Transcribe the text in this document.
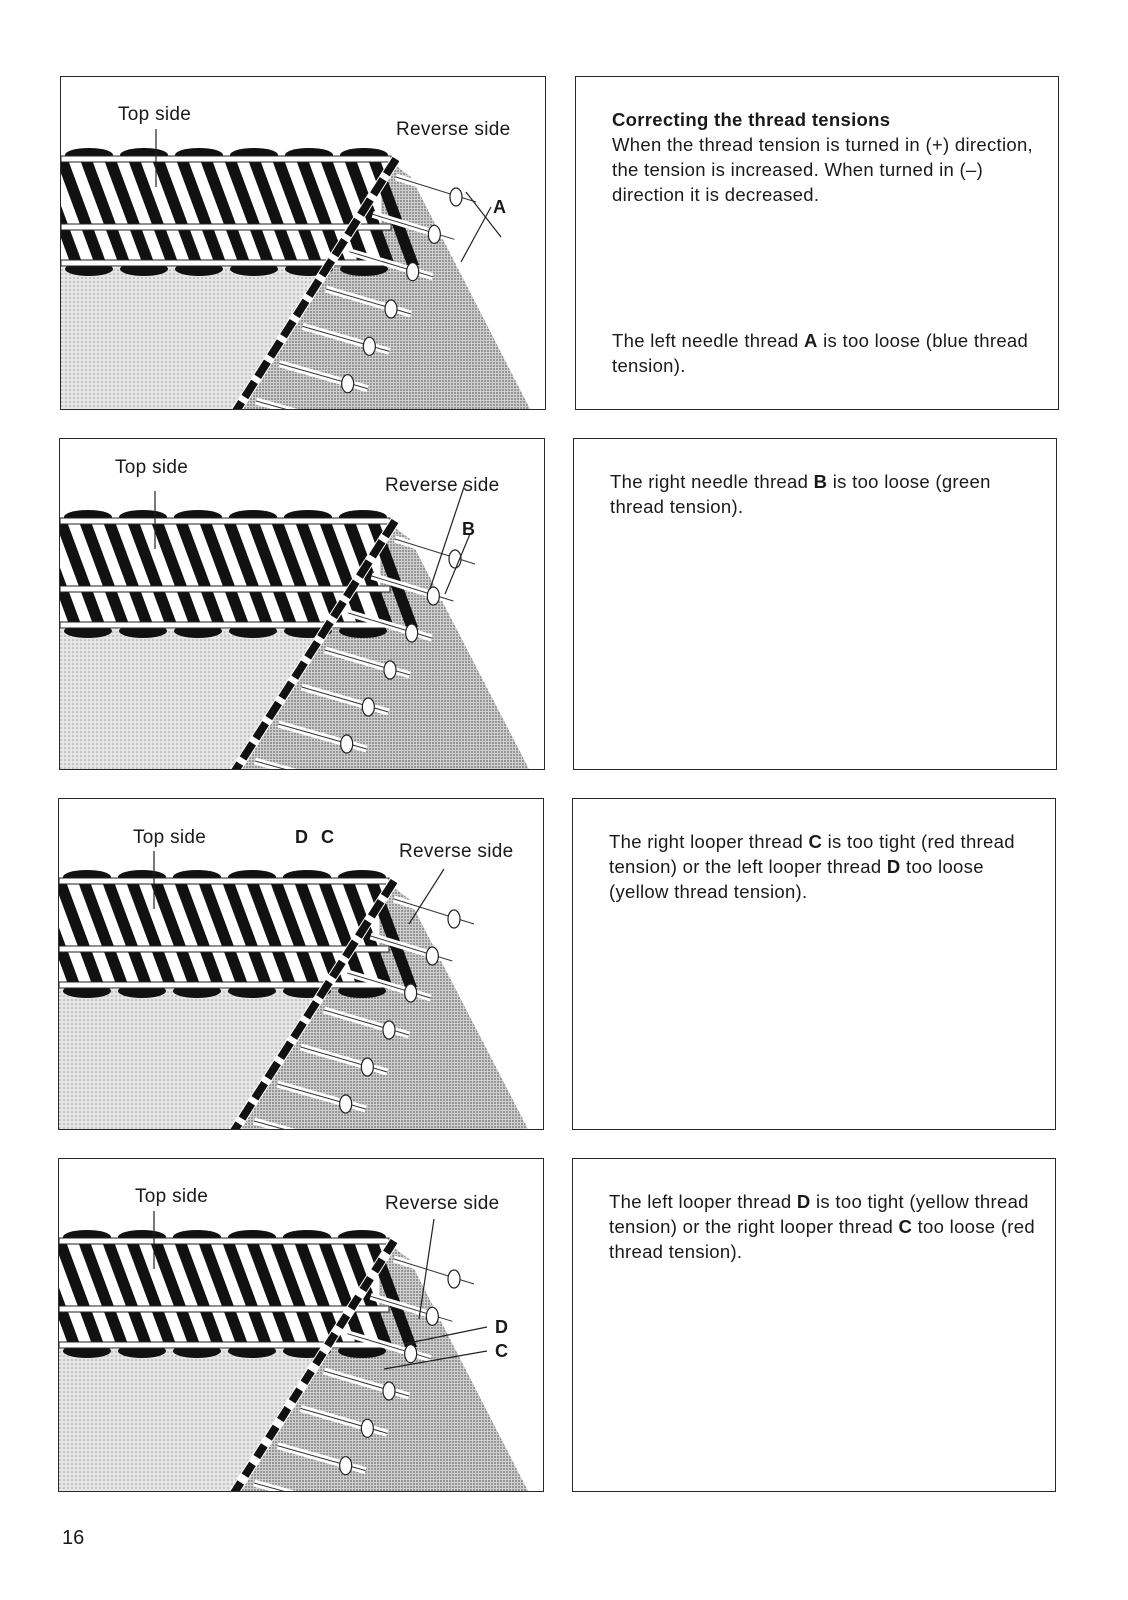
Top side
Reverse side
A

Correcting the thread tensions

When the thread tension is turned in (+) direction, the tension is increased. When turned in (–) direction it is decreased.

The left needle thread A is too loose (blue thread tension).

Top side
Reverse side
B

The right needle thread B is too loose (green thread tension).

Top side	D C
Reverse side	The right looper thread C is too tight (red thread tension) or the left looper thread D too loose (yellow thread tension).

Top side	Reverse side
D
C

The left looper thread D is too tight (yellow thread tension) or the right looper thread C too loose (red thread tension).

16
